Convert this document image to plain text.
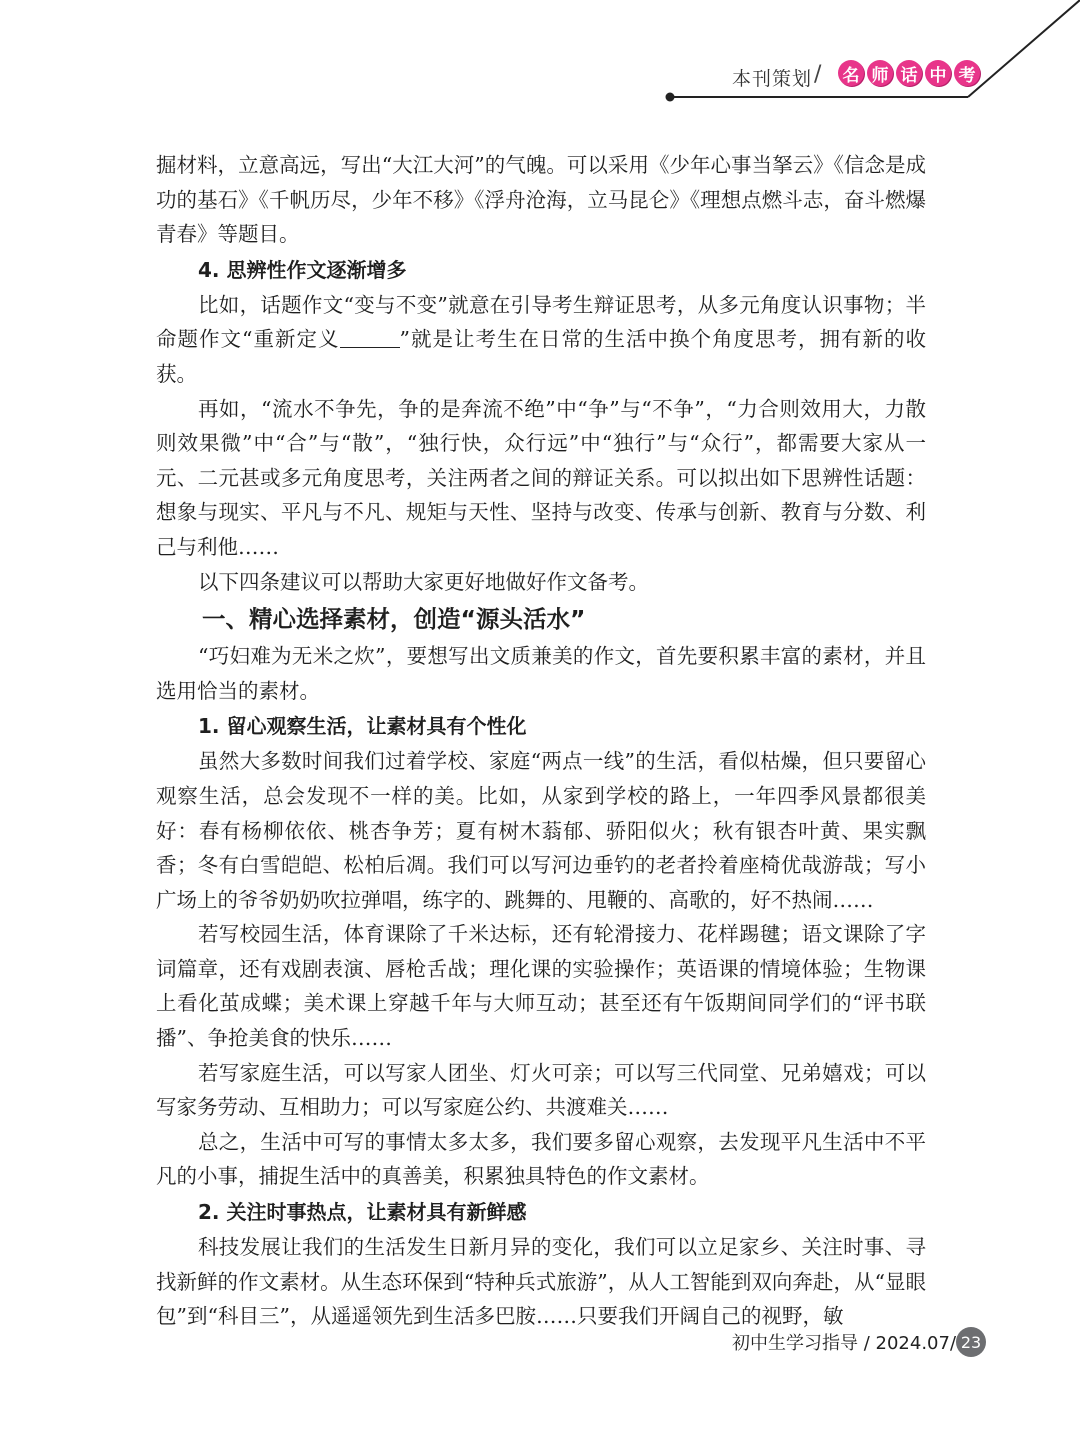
本刊策划 / 名 师 话 中 考

掘材料，立意高远，写出“大江大河”的气魄。可以采用《少年心事当拏云》《信念是成功的基石》《千帆历尽，少年不移》《浮舟沧海，立马昆仑》《理想点燃斗志，奋斗燃爆青春》等题目。

4. 思辨性作文逐渐增多

比如，话题作文“变与不变”就意在引导考生辩证思考，从多元角度认识事物；半命题作文“重新定义	”就是让考生在日常的生活中换个角度思考，拥有新的收获。

再如，“流水不争先，争的是奔流不绝”中“争”与“不争”，“力合则效用大，力散则效果微”中“合”与“散”，“独行快，众行远”中“独行”与“众行”，都需要大家从一元、二元甚或多元角度思考，关注两者之间的辩证关系。可以拟出如下思辨性话题：想象与现实、平凡与不凡、规矩与天性、坚持与改变、传承与创新、教育与分数、利己与利他……

以下四条建议可以帮助大家更好地做好作文备考。

一、精心选择素材，创造“源头活水”

“巧妇难为无米之炊”，要想写出文质兼美的作文，首先要积累丰富的素材，并且选用恰当的素材。

1. 留心观察生活，让素材具有个性化

虽然大多数时间我们过着学校、家庭“两点一线”的生活，看似枯燥，但只要留心观察生活，总会发现不一样的美。比如，从家到学校的路上，一年四季风景都很美好：春有杨柳依依、桃杏争芳；夏有树木蓊郁、骄阳似火；秋有银杏叶黄、果实飘香；冬有白雪皑皑、松柏后凋。我们可以写河边垂钓的老者拎着座椅优哉游哉；写小广场上的爷爷奶奶吹拉弹唱，练字的、跳舞的、甩鞭的、高歌的，好不热闹……

若写校园生活，体育课除了千米达标，还有轮滑接力、花样踢毽；语文课除了字词篇章，还有戏剧表演、唇枪舌战；理化课的实验操作；英语课的情境体验；生物课上看化茧成蝶；美术课上穿越千年与大师互动；甚至还有午饭期间同学们的“评书联播”、争抢美食的快乐……

若写家庭生活，可以写家人团坐、灯火可亲；可以写三代同堂、兄弟嬉戏；可以写家务劳动、互相助力；可以写家庭公约、共渡难关……

总之，生活中可写的事情太多太多，我们要多留心观察，去发现平凡生活中不平凡的小事，捕捉生活中的真善美，积累独具特色的作文素材。

2. 关注时事热点，让素材具有新鲜感

科技发展让我们的生活发生日新月异的变化，我们可以立足家乡、关注时事、寻找新鲜的作文素材。从生态环保到“特种兵式旅游”，从人工智能到双向奔赴，从“显眼包”到“科目三”，从遥遥领先到生活多巴胺……只要我们开阔自己的视野，敏

初中生学习指导 / 2024.07/ 23
